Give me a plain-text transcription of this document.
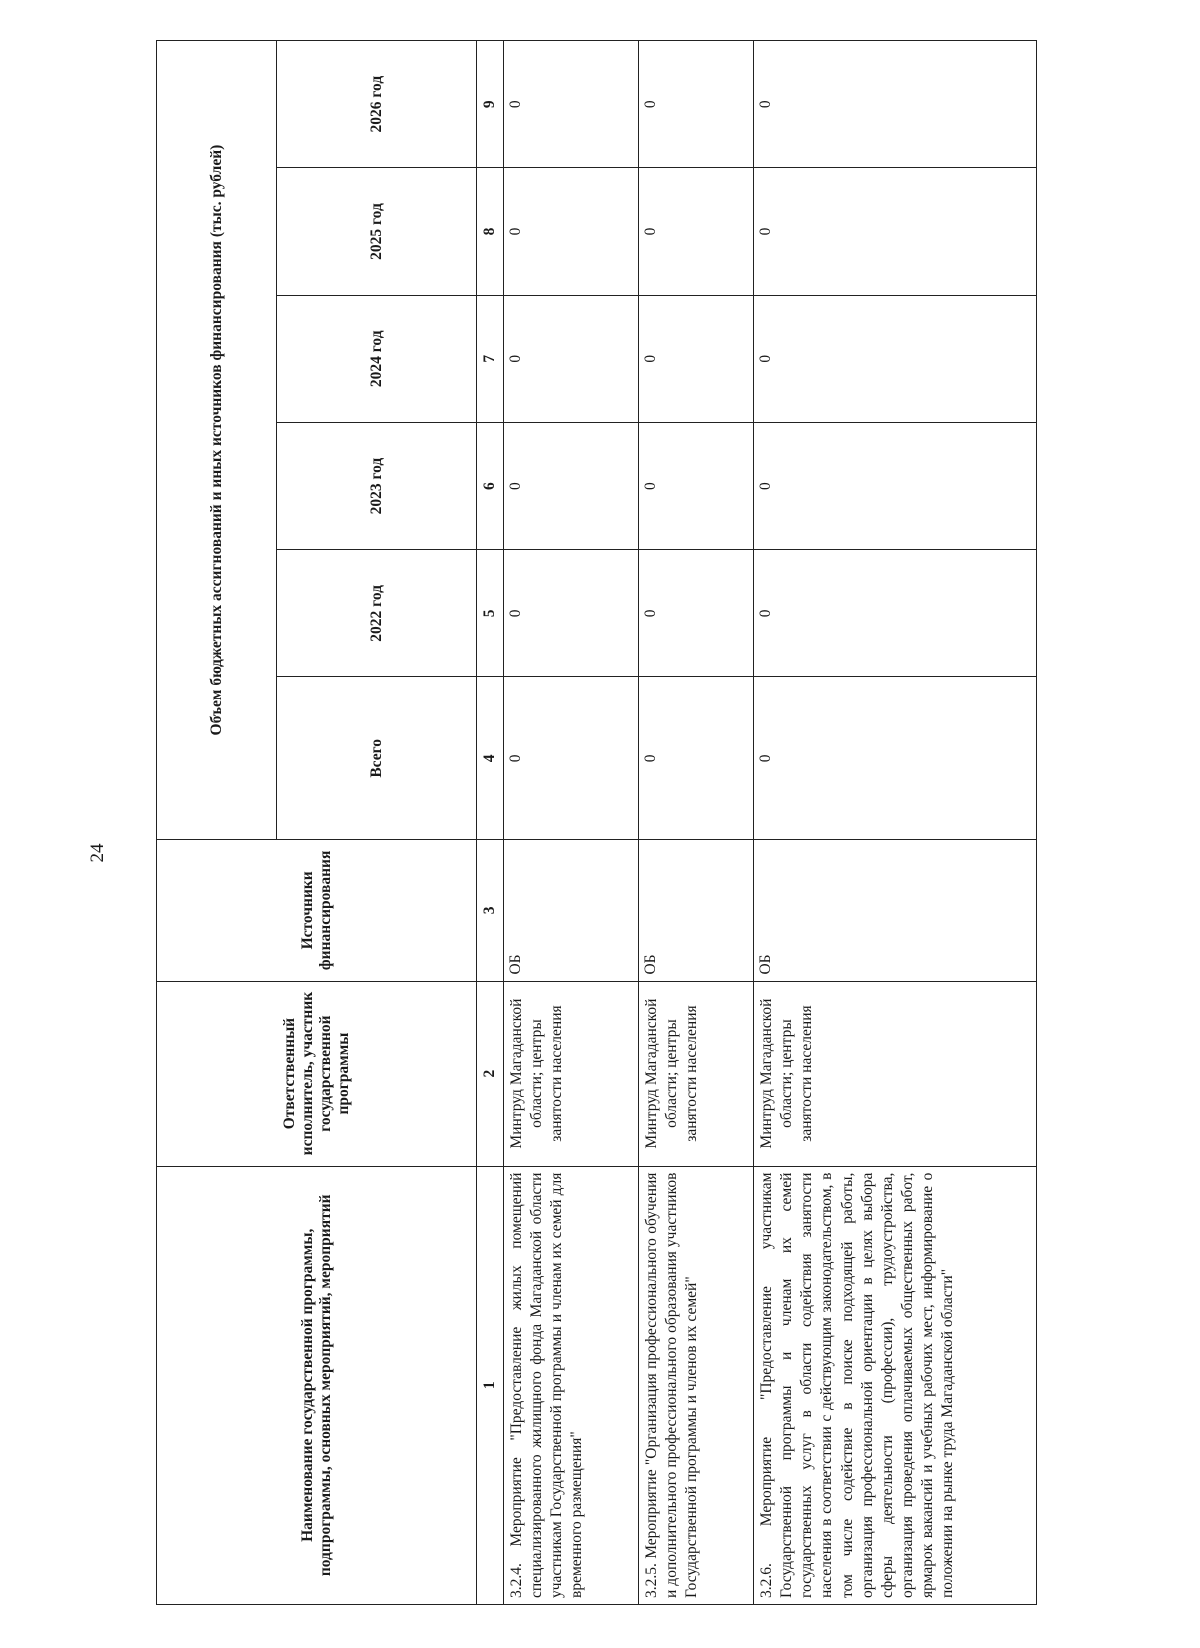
24
Наименование государственной программы, подпрограммы, основных мероприятий, мероприятий	Ответственный исполнитель, участник государственной программы	Источники финансирования	Объем бюджетных ассигнований и иных источников финансирования (тыс. рублей)					
			Всего	2022 год	2023 год	2024 год	2025 год	2026 год
1	2	3	4	5	6	7	8	9
3.2.4. Мероприятие "Предоставление жилых помещений специализированного жилищного фонда Магаданской области участникам Государственной программы и членам их семей для временного размещения"	Минтруд Магаданской области; центры занятости населения	ОБ	0	0	0	0	0	0
3.2.5. Мероприятие "Организация профессионального обучения и дополнительного профессионального образования участников Государственной программы и членов их семей"	Минтруд Магаданской области; центры занятости населения	ОБ	0	0	0	0	0	0
3.2.6. Мероприятие "Предоставление участникам Государственной программы и членам их семей государственных услуг в области содействия занятости населения в соответствии с действующим законодательством, в том числе содействие в поиске подходящей работы, организация профессиональной ориентации в целях выбора сферы деятельности (профессии), трудоустройства, организация проведения оплачиваемых общественных работ, ярмарок вакансий и учебных рабочих мест, информирование о положении на рынке труда Магаданской области"	Минтруд Магаданской области; центры занятости населения	ОБ	0	0	0	0	0	0
